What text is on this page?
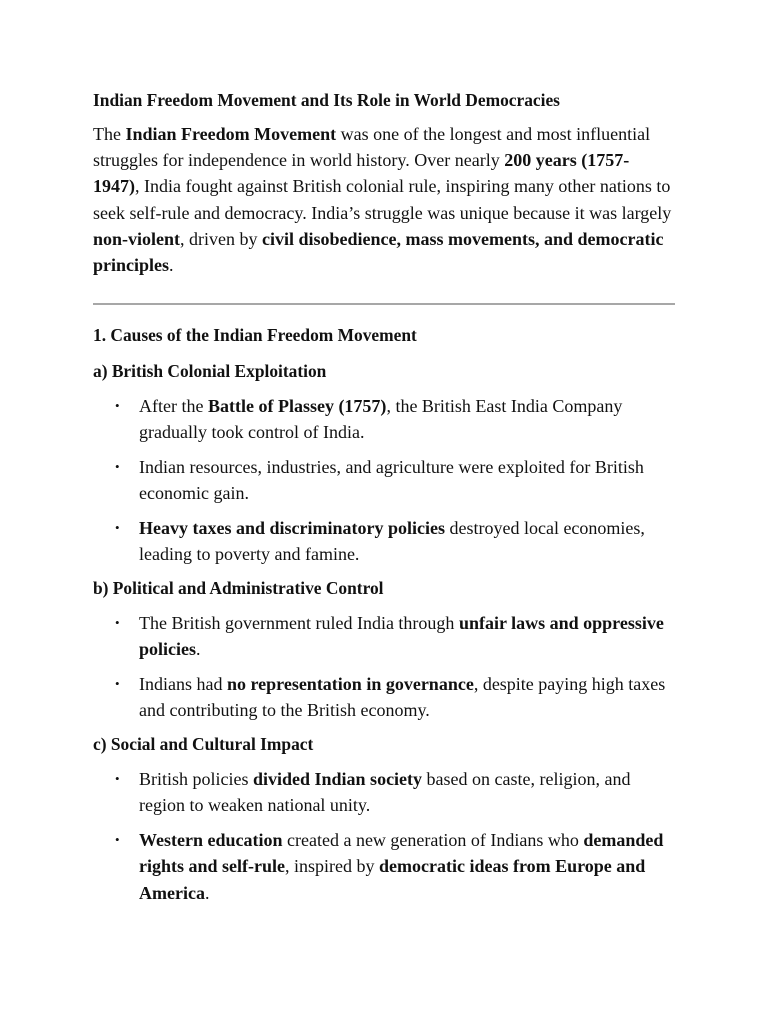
Indian Freedom Movement and Its Role in World Democracies

The Indian Freedom Movement was one of the longest and most influential struggles for independence in world history. Over nearly 200 years (1757-1947), India fought against British colonial rule, inspiring many other nations to seek self-rule and democracy. India’s struggle was unique because it was largely non-violent, driven by civil disobedience, mass movements, and democratic principles.

1. Causes of the Indian Freedom Movement
a) British Colonial Exploitation
• After the Battle of Plassey (1757), the British East India Company gradually took control of India.
• Indian resources, industries, and agriculture were exploited for British economic gain.
• Heavy taxes and discriminatory policies destroyed local economies, leading to poverty and famine.
b) Political and Administrative Control
• The British government ruled India through unfair laws and oppressive policies.
• Indians had no representation in governance, despite paying high taxes and contributing to the British economy.
c) Social and Cultural Impact
• British policies divided Indian society based on caste, religion, and region to weaken national unity.
• Western education created a new generation of Indians who demanded rights and self-rule, inspired by democratic ideas from Europe and America.
